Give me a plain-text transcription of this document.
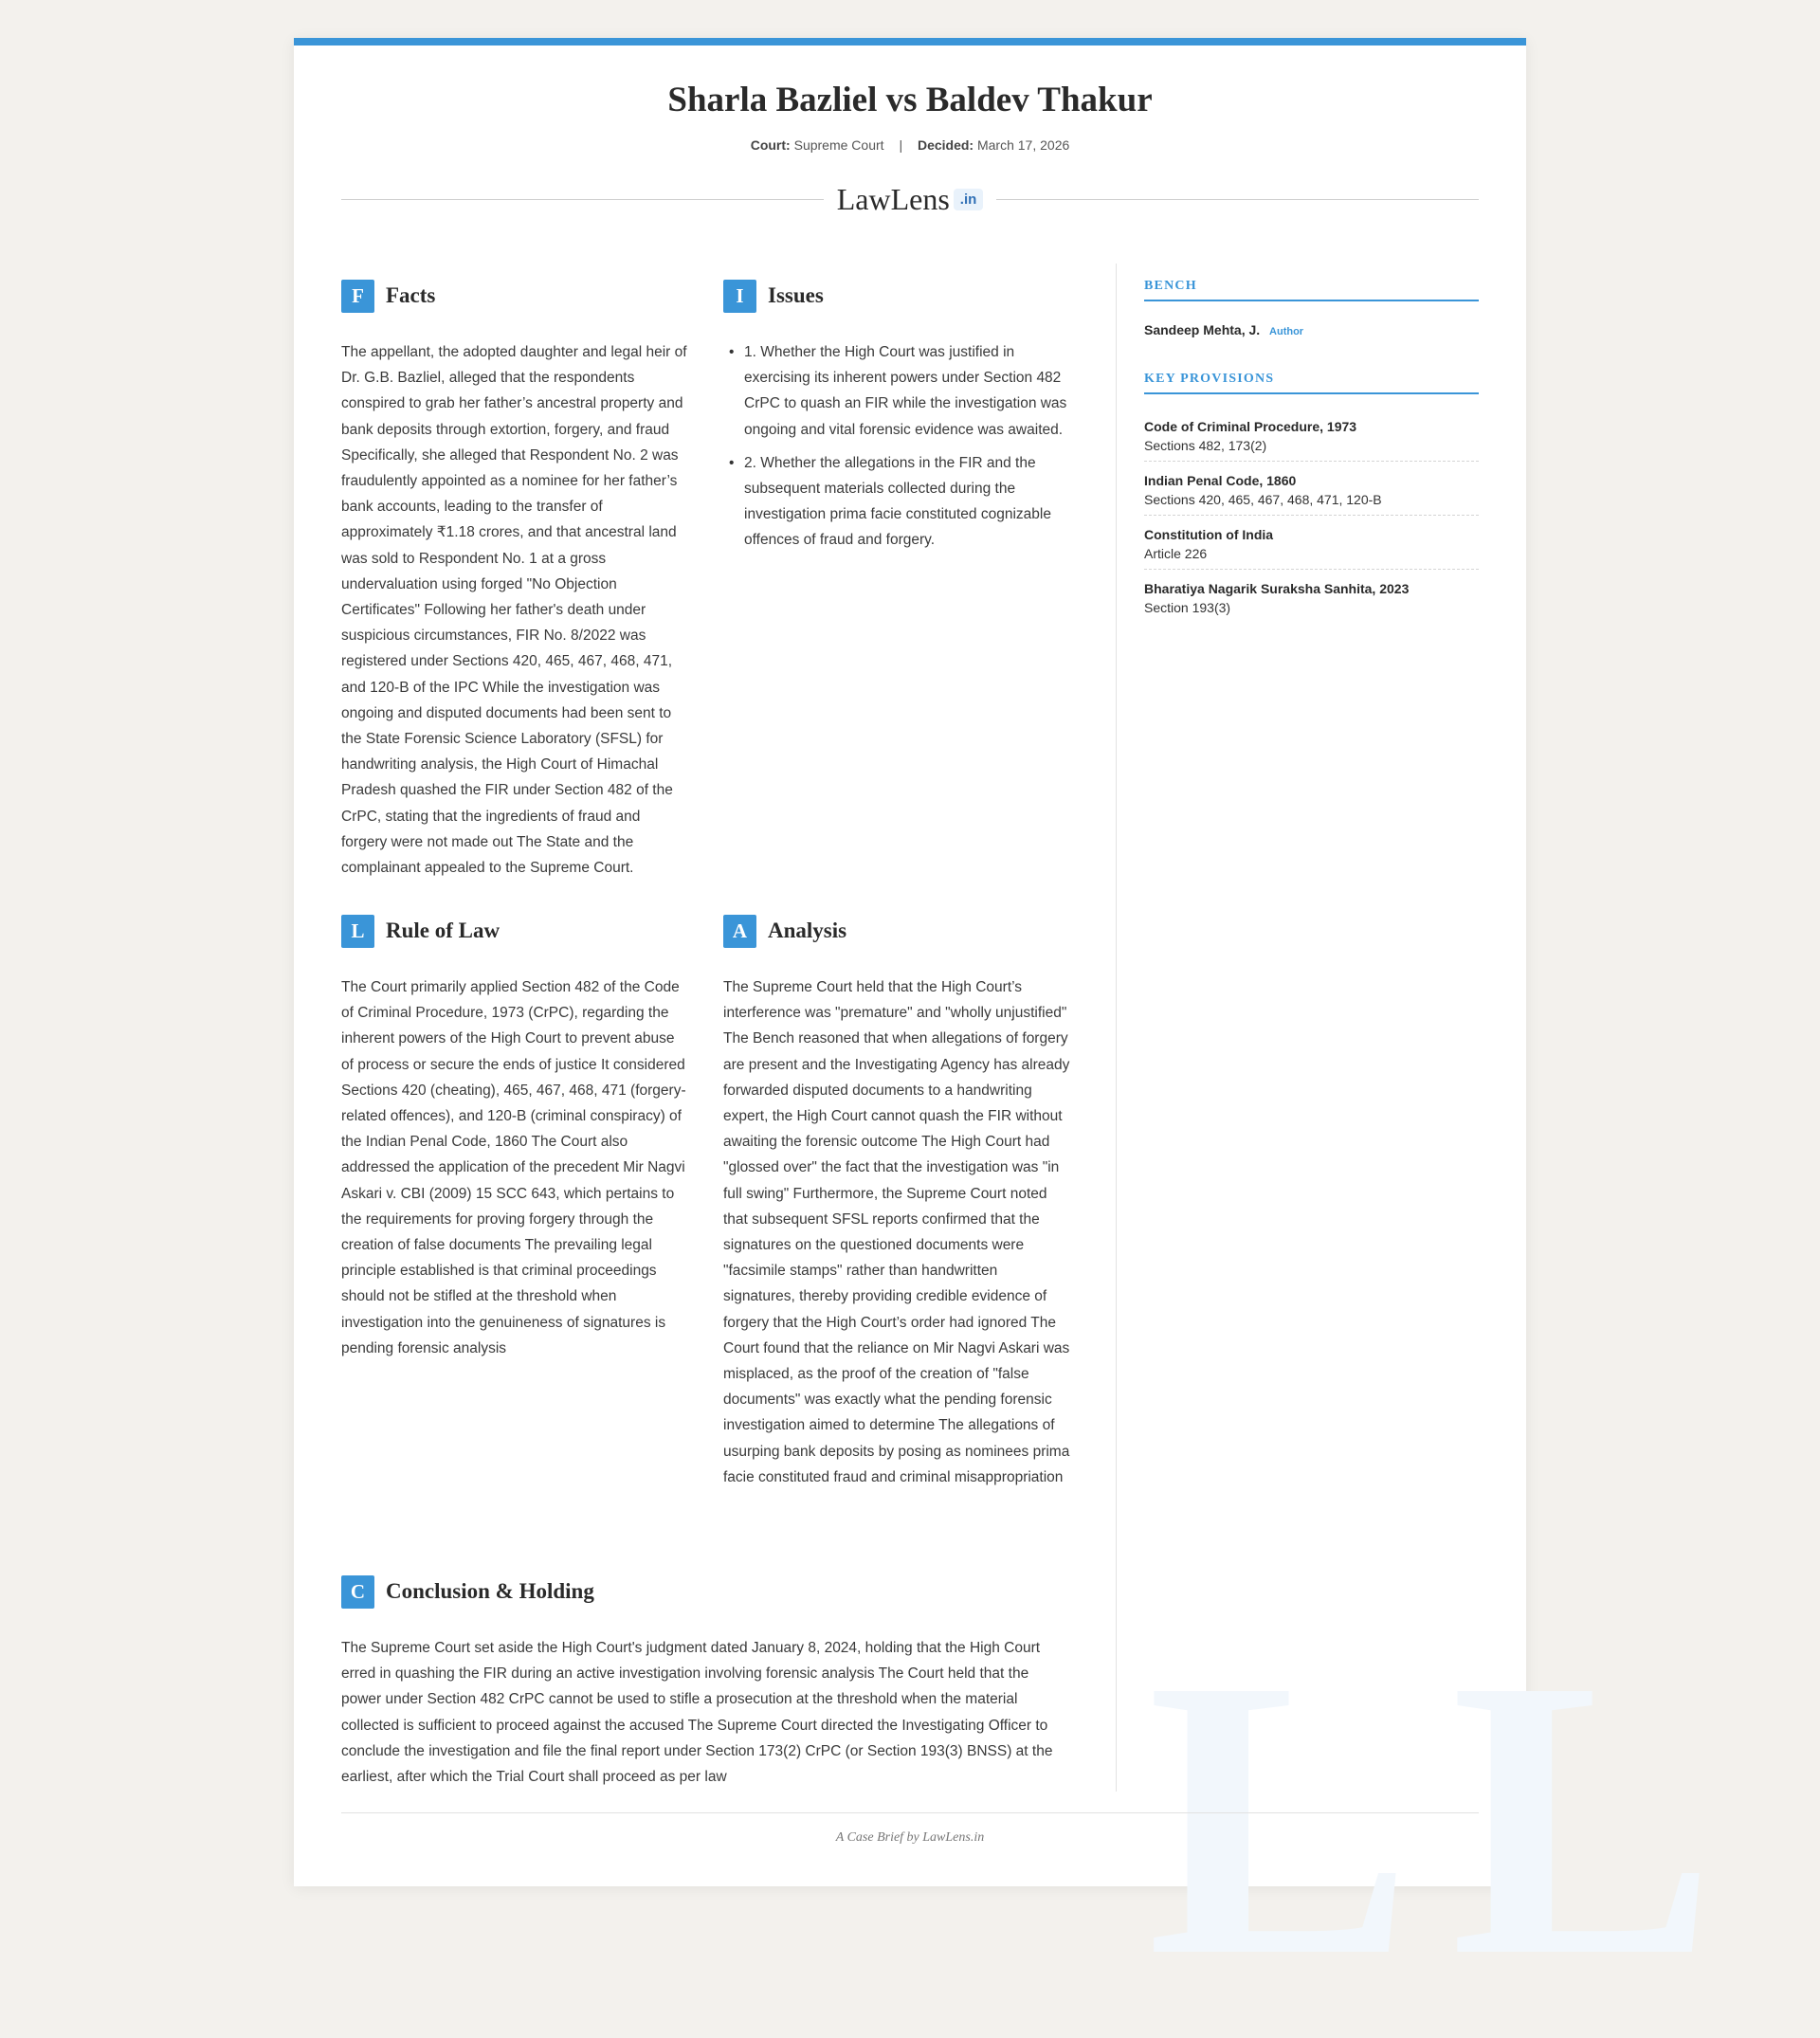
LL
Sharla Bazliel vs Baldev Thakur
Court: Supreme Court | Decided: March 17, 2026
LawLens .in
F	Facts
The appellant, the adopted daughter and legal heir of Dr. G.B. Bazliel, alleged that the respondents conspired to grab her father’s ancestral property and bank deposits through extortion, forgery, and fraud Specifically, she alleged that Respondent No. 2 was fraudulently appointed as a nominee for her father’s bank accounts, leading to the transfer of approximately ₹1.18 crores, and that ancestral land was sold to Respondent No. 1 at a gross undervaluation using forged "No Objection Certificates" Following her father's death under suspicious circumstances, FIR No. 8/2022 was registered under Sections 420, 465, 467, 468, 471, and 120-B of the IPC While the investigation was ongoing and disputed documents had been sent to the State Forensic Science Laboratory (SFSL) for handwriting analysis, the High Court of Himachal Pradesh quashed the FIR under Section 482 of the CrPC, stating that the ingredients of fraud and forgery were not made out The State and the complainant appealed to the Supreme Court.
I	Issues
• 1. Whether the High Court was justified in exercising its inherent powers under Section 482 CrPC to quash an FIR while the investigation was ongoing and vital forensic evidence was awaited.
• 2. Whether the allegations in the FIR and the subsequent materials collected during the investigation prima facie constituted cognizable offences of fraud and forgery.
L Rule of Law
The Court primarily applied Section 482 of the Code of Criminal Procedure, 1973 (CrPC), regarding the inherent powers of the High Court to prevent abuse of process or secure the ends of justice It considered Sections 420 (cheating), 465, 467, 468, 471 (forgery-related offences), and 120-B (criminal conspiracy) of the Indian Penal Code, 1860 The Court also addressed the application of the precedent Mir Nagvi Askari v. CBI (2009) 15 SCC 643, which pertains to the requirements for proving forgery through the creation of false documents The prevailing legal principle established is that criminal proceedings should not be stifled at the threshold when investigation into the genuineness of signatures is pending forensic analysis
A Analysis
The Supreme Court held that the High Court’s interference was "premature" and "wholly unjustified" The Bench reasoned that when allegations of forgery are present and the Investigating Agency has already forwarded disputed documents to a handwriting expert, the High Court cannot quash the FIR without awaiting the forensic outcome The High Court had "glossed over" the fact that the investigation was "in full swing" Furthermore, the Supreme Court noted that subsequent SFSL reports confirmed that the signatures on the questioned documents were "facsimile stamps" rather than handwritten signatures, thereby providing credible evidence of forgery that the High Court’s order had ignored The Court found that the reliance on Mir Nagvi Askari was misplaced, as the proof of the creation of "false documents" was exactly what the pending forensic investigation aimed to determine The allegations of usurping bank deposits by posing as nominees prima facie constituted fraud and criminal misappropriation
C Conclusion & Holding
The Supreme Court set aside the High Court's judgment dated January 8, 2024, holding that the High Court erred in quashing the FIR during an active investigation involving forensic analysis The Court held that the power under Section 482 CrPC cannot be used to stifle a prosecution at the threshold when the material collected is sufficient to proceed against the accused The Supreme Court directed the Investigating Officer to conclude the investigation and file the final report under Section 173(2) CrPC (or Section 193(3) BNSS) at the earliest, after which the Trial Court shall proceed as per law
BENCH
Sandeep Mehta, J. Author
KEY PROVISIONS
Code of Criminal Procedure, 1973
Sections 482, 173(2)
Indian Penal Code, 1860
Sections 420, 465, 467, 468, 471, 120-B
Constitution of India
Article 226
Bharatiya Nagarik Suraksha Sanhita, 2023
Section 193(3)
A Case Brief by LawLens.in
